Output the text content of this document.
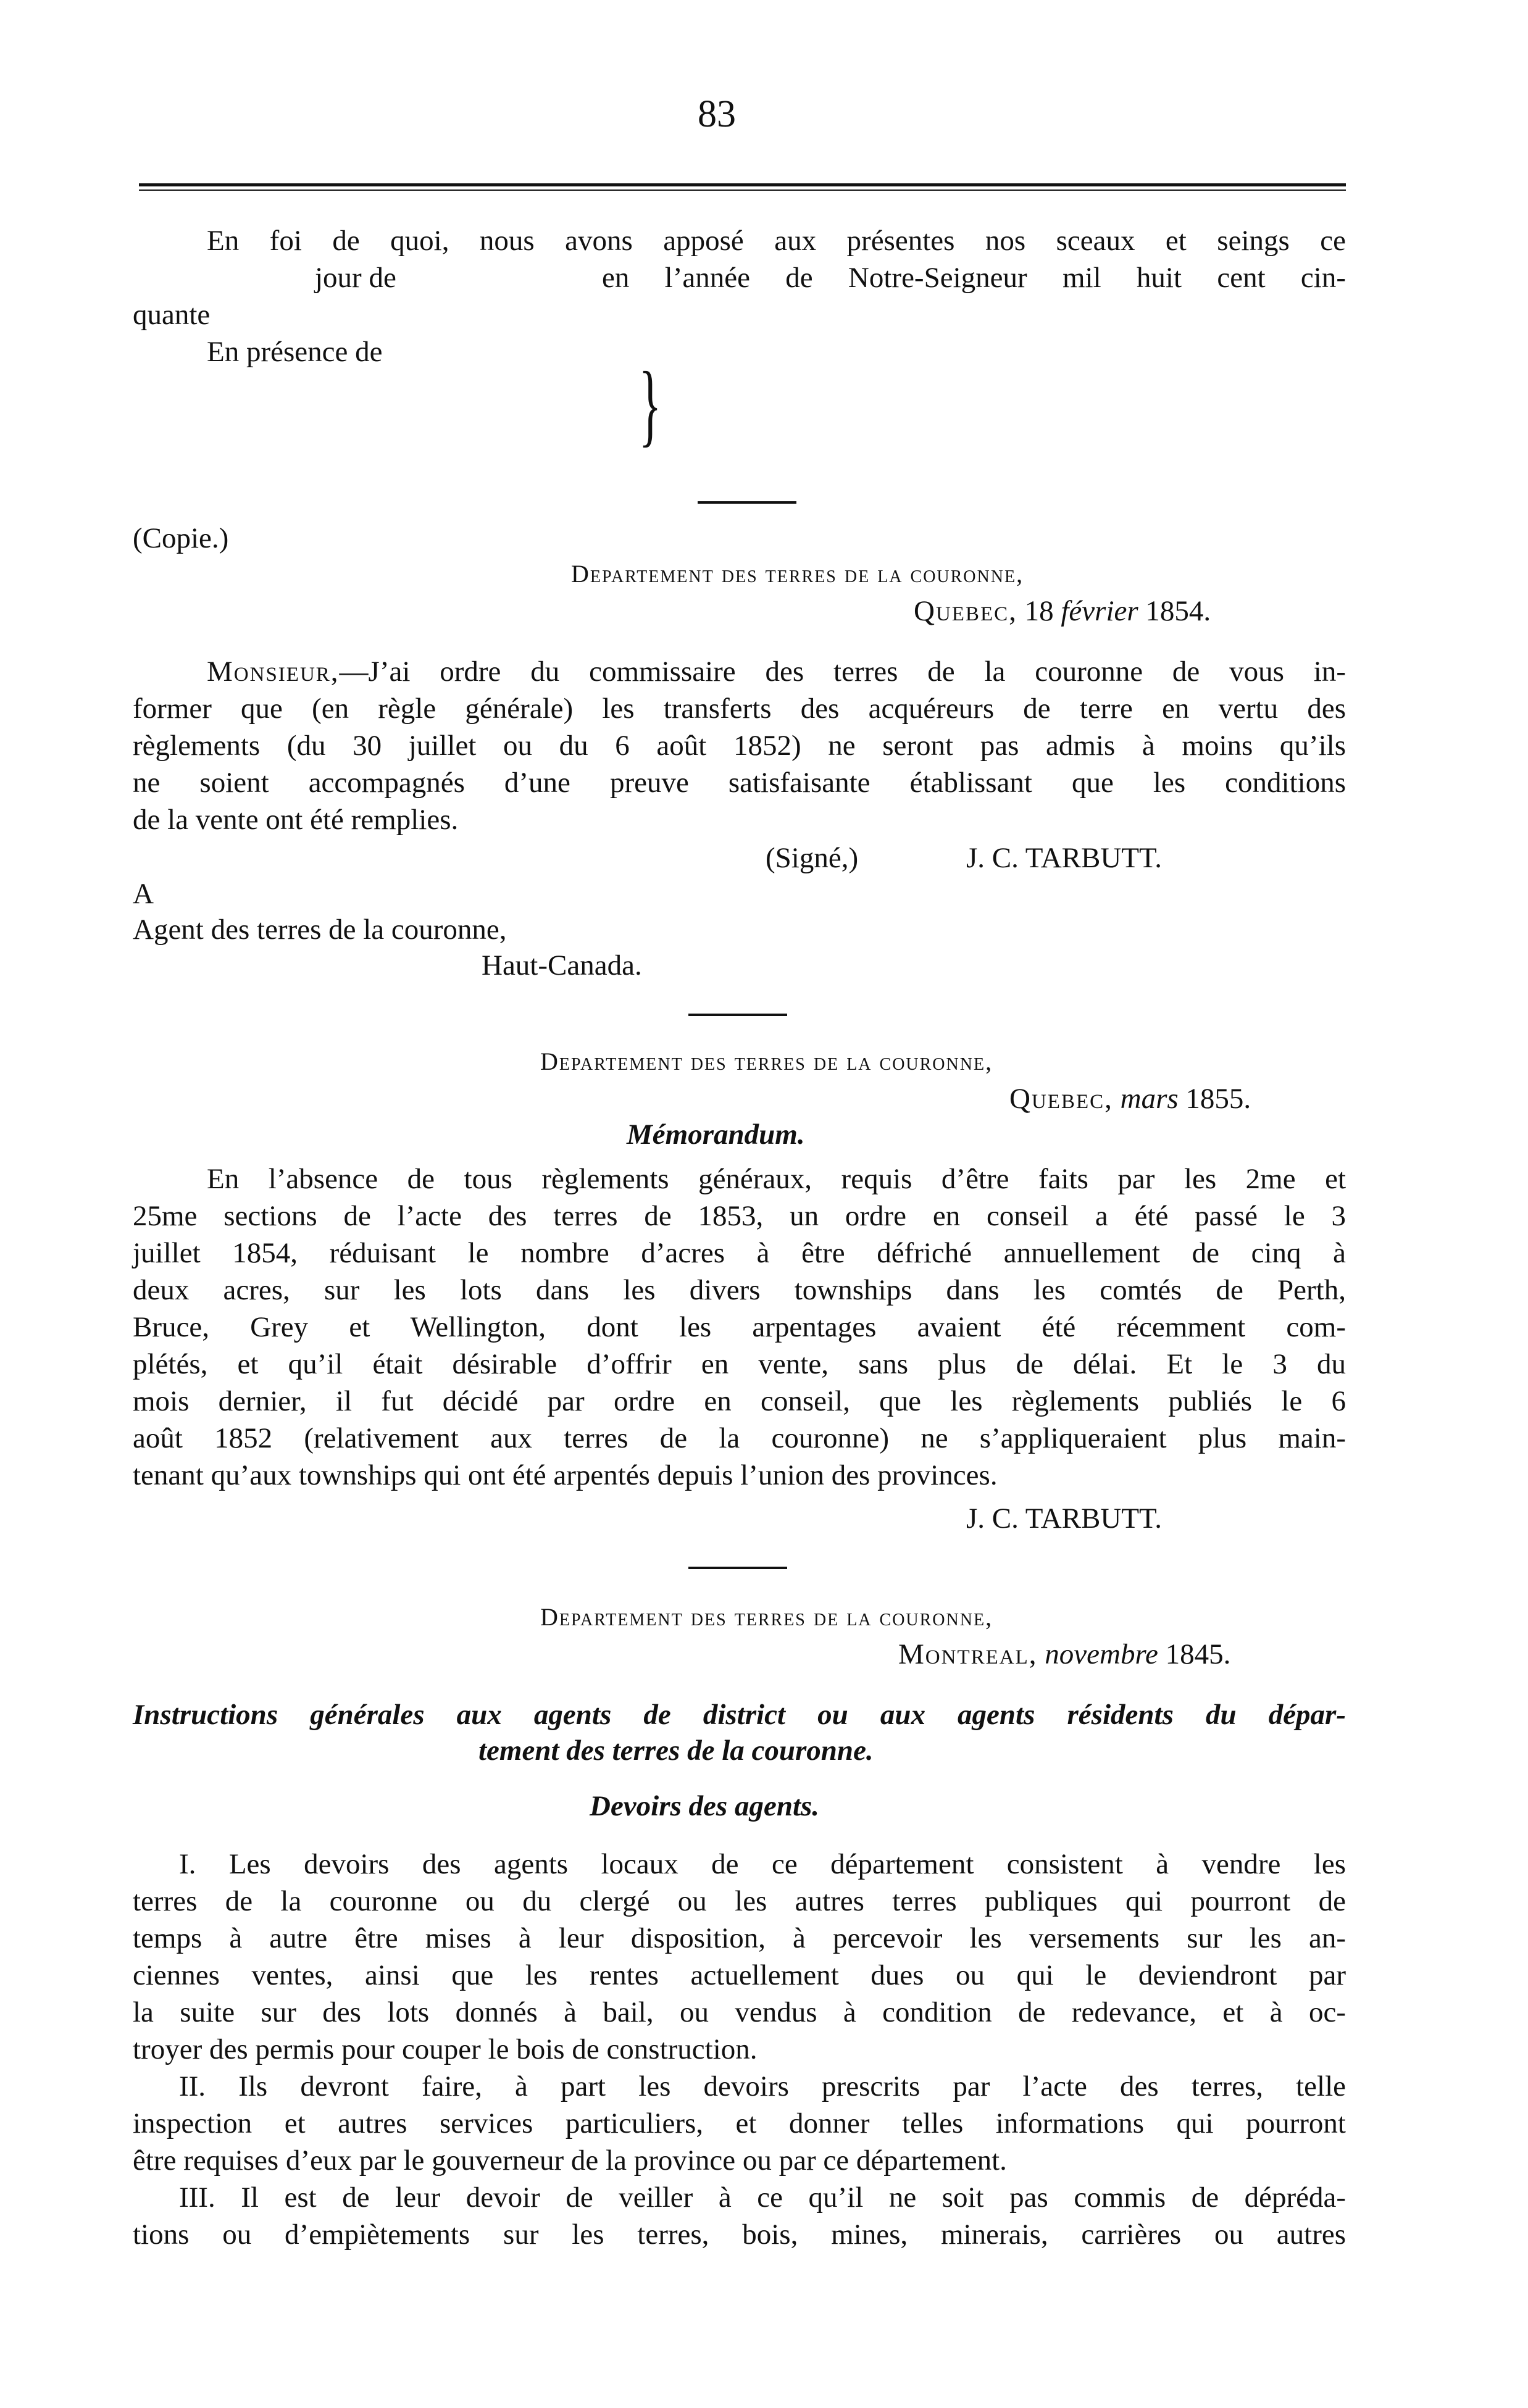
83
En foi de quoi, nous avons apposé aux présentes nos sceaux et seings ce
jour de	en l’année de Notre-Seigneur mil huit cent cin-
quante
En présence de
}
(Copie.)
Departement des terres de la couronne,
Quebec, 18 février 1854.
Monsieur,—J’ai ordre du commissaire des terres de la couronne de vous in-
former que (en règle générale) les transferts des acquéreurs de terre en vertu des
règlements (du 30 juillet ou du 6 août 1852) ne seront pas admis à moins qu’ils
ne soient accompagnés d’une preuve satisfaisante établissant que les conditions
de la vente ont été remplies.
(Signé,)	J. C. TARBUTT.
A
Agent des terres de la couronne,
Haut-Canada.
Departement des terres de la couronne,
Quebec, mars 1855.
Mémorandum.
En l’absence de tous règlements généraux, requis d’être faits par les 2me et
25me sections de l’acte des terres de 1853, un ordre en conseil a été passé le 3
juillet 1854, réduisant le nombre d’acres à être défriché annuellement de cinq à
deux acres, sur les lots dans les divers townships dans les comtés de Perth,
Bruce, Grey et Wellington, dont les arpentages avaient été récemment com-
plétés, et qu’il était désirable d’offrir en vente, sans plus de délai. Et le 3 du
mois dernier, il fut décidé par ordre en conseil, que les règlements publiés le 6
août 1852 (relativement aux terres de la couronne) ne s’appliqueraient plus main-
tenant qu’aux townships qui ont été arpentés depuis l’union des provinces.
J. C. TARBUTT.
Departement des terres de la couronne,
Montreal, novembre 1845.
Instructions générales aux agents de district ou aux agents résidents du dépar-
tement des terres de la couronne.
Devoirs des agents.
I. Les devoirs des agents locaux de ce département consistent à vendre les
terres de la couronne ou du clergé ou les autres terres publiques qui pourront de
temps à autre être mises à leur disposition, à percevoir les versements sur les an-
ciennes ventes, ainsi que les rentes actuellement dues ou qui le deviendront par
la suite sur des lots donnés à bail, ou vendus à condition de redevance, et à oc-
troyer des permis pour couper le bois de construction.
II. Ils devront faire, à part les devoirs prescrits par l’acte des terres, telle
inspection et autres services particuliers, et donner telles informations qui pourront
être requises d’eux par le gouverneur de la province ou par ce département.
III. Il est de leur devoir de veiller à ce qu’il ne soit pas commis de dépréda-
tions ou d’empiètements sur les terres, bois, mines, minerais, carrières ou autres
